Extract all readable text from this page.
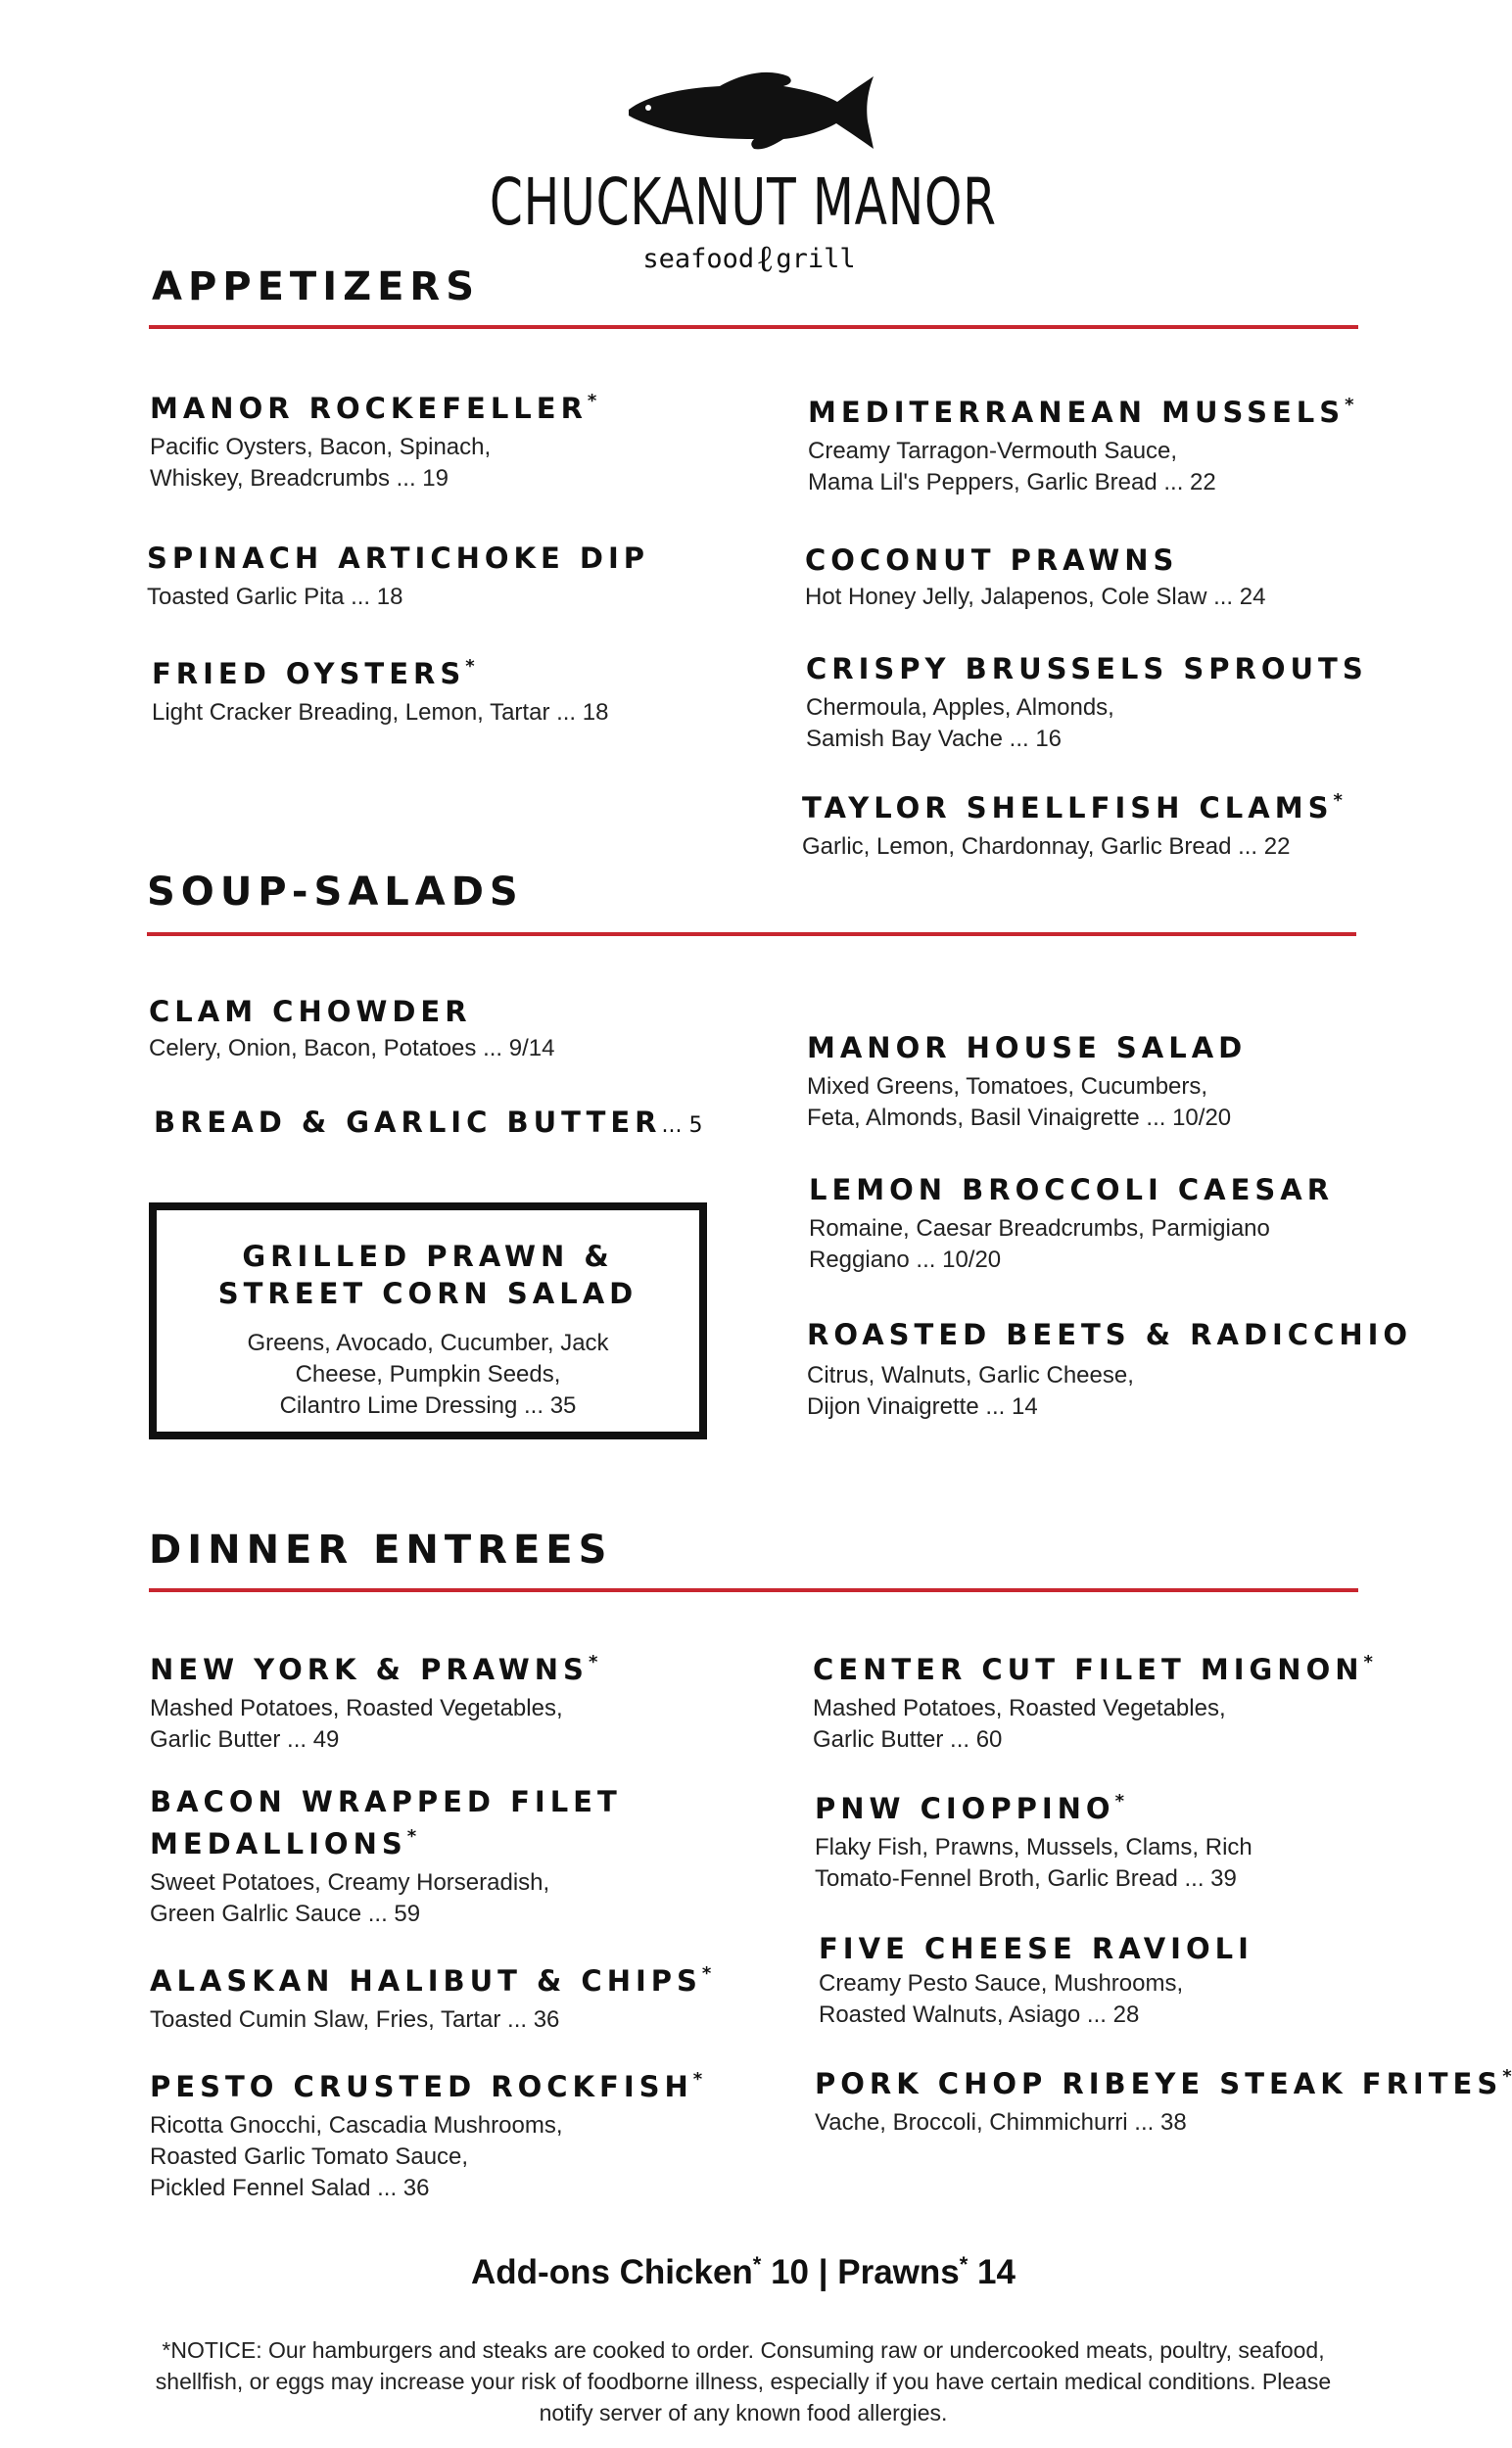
CHUCKANUT MANOR
seafoodℓgrill
APPETIZERS
MANOR ROCKEFELLER*
Pacific Oysters, Bacon, Spinach,
Whiskey, Breadcrumbs ... 19
MEDITERRANEAN MUSSELS*
Creamy Tarragon-Vermouth Sauce,
Mama Lil's Peppers, Garlic Bread ... 22
SPINACH ARTICHOKE DIP
Toasted Garlic Pita ... 18
COCONUT PRAWNS
Hot Honey Jelly, Jalapenos, Cole Slaw ... 24
FRIED OYSTERS*
Light Cracker Breading, Lemon, Tartar ... 18
CRISPY BRUSSELS SPROUTS
Chermoula, Apples, Almonds,
Samish Bay Vache ... 16
TAYLOR SHELLFISH CLAMS*
Garlic, Lemon, Chardonnay, Garlic Bread ... 22
SOUP-SALADS
CLAM CHOWDER
Celery, Onion, Bacon, Potatoes ... 9/14
BREAD & GARLIC BUTTER... 5
GRILLED PRAWN &
STREET CORN SALAD
Greens, Avocado, Cucumber, Jack
Cheese, Pumpkin Seeds,
Cilantro Lime Dressing ... 35
MANOR HOUSE SALAD
Mixed Greens, Tomatoes, Cucumbers,
Feta, Almonds, Basil Vinaigrette ... 10/20
LEMON BROCCOLI CAESAR
Romaine, Caesar Breadcrumbs, Parmigiano
Reggiano ... 10/20
ROASTED BEETS & RADICCHIO
Citrus, Walnuts, Garlic Cheese,
Dijon Vinaigrette ... 14
DINNER ENTREES
NEW YORK & PRAWNS*
Mashed Potatoes, Roasted Vegetables,
Garlic Butter ... 49
CENTER CUT FILET MIGNON*
Mashed Potatoes, Roasted Vegetables,
Garlic Butter ... 60
BACON WRAPPED FILET
MEDALLIONS*
Sweet Potatoes, Creamy Horseradish,
Green Galrlic Sauce ... 59
PNW CIOPPINO*
Flaky Fish, Prawns, Mussels, Clams, Rich
Tomato-Fennel Broth, Garlic Bread ... 39
ALASKAN HALIBUT & CHIPS*
Toasted Cumin Slaw, Fries, Tartar ... 36
FIVE CHEESE RAVIOLI
Creamy Pesto Sauce, Mushrooms,
Roasted Walnuts, Asiago ... 28
PESTO CRUSTED ROCKFISH*
Ricotta Gnocchi, Cascadia Mushrooms,
Roasted Garlic Tomato Sauce,
Pickled Fennel Salad ... 36
PORK CHOP RIBEYE STEAK FRITES*
Vache, Broccoli, Chimmichurri ... 38
Add-ons Chicken* 10 | Prawns* 14
*NOTICE: Our hamburgers and steaks are cooked to order. Consuming raw or undercooked meats, poultry, seafood, shellfish, or eggs may increase your risk of foodborne illness, especially if you have certain medical conditions. Please notify server of any known food allergies.
